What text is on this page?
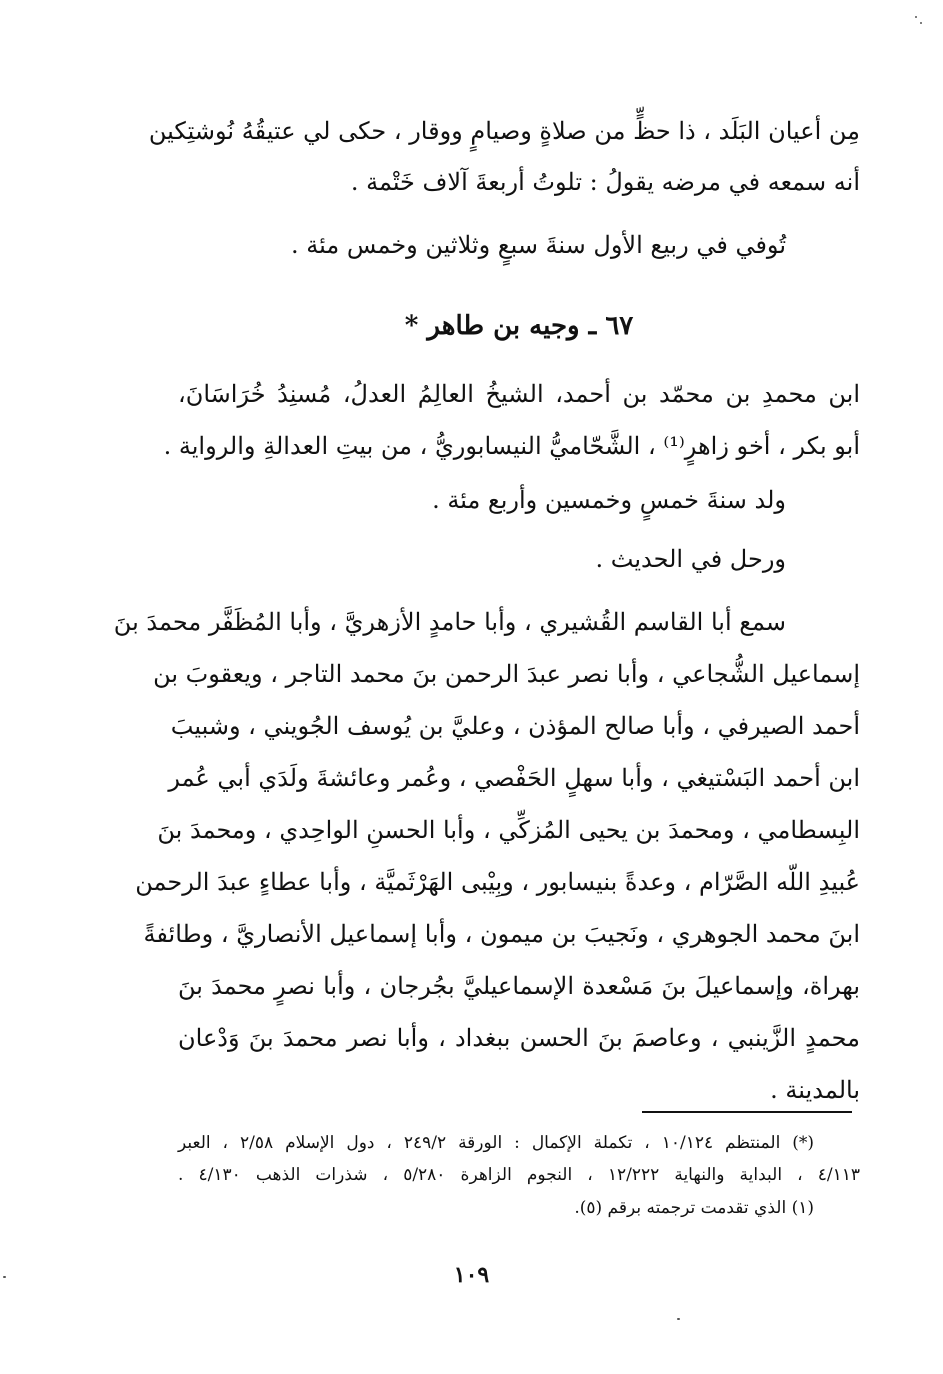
مِن أعيان البَلَد ، ذا حظٍّ من صلاةٍ وصيامٍ ووقار ، حكى لي عتيقُهُ نُوشتِكين
أنه سمعه في مرضه يقولُ : تلوتُ أربعةَ آلاف خَتْمة .
تُوفي في ربيع الأول سنةَ سبعٍ وثلاثين وخمس مئة .
٦٧ ـ وجيه بن طاهر *
ابن محمدِ بن محمّد بن أحمد، الشيخُ العالِمُ العدلُ، مُسنِدُ خُرَاسَانَ،
أبو بكر ، أخو زاهرٍ⁽¹⁾ ، الشَّحّاميُّ النيسابوريُّ ، من بيتِ العدالةِ والرواية .
ولد سنةَ خمسٍ وخمسين وأربع مئة .
ورحل في الحديث .
سمع أبا القاسم القُشيري ، وأبا حامدٍ الأزهريَّ ، وأبا المُظَفَّر محمدَ بنَ
إسماعيل الشُّجاعي ، وأبا نصر عبدَ الرحمن بنَ محمد التاجر ، ويعقوبَ بن
أحمد الصيرفي ، وأبا صالح المؤذن ، وعليَّ بن يُوسف الجُويني ، وشبيبَ
ابن أحمد البَسْتيغي ، وأبا سهلٍ الحَفْصي ، وعُمر وعائشةَ ولَدَي أبي عُمر
البِسطامي ، ومحمدَ بن يحيى المُزكِّي ، وأبا الحسنِ الواحِدي ، ومحمدَ بنَ
عُبيدِ اللّه الصَّرّام ، وعدةً بنيسابور ، وبِيْبى الهَرْثَميَّة ، وأبا عطاءٍ عبدَ الرحمن
ابنَ محمد الجوهري ، ونَجيبَ بن ميمون ، وأبا إسماعيل الأنصاريَّ ، وطائفةً
بهراة، وإسماعيلَ بنَ مَسْعدة الإسماعيليَّ بجُرجان ، وأبا نصرٍ محمدَ بنَ
محمدٍ الزَّينبي ، وعاصمَ بنَ الحسن ببغداد ، وأبا نصر محمدَ بنَ وَدْعان
بالمدينة .
(*) المنتظم ١٠/١٢٤ ، تكملة الإكمال : الورقة ٢٤٩/٢ ، دول الإسلام ٢/٥٨ ، العبر
٤/١١٣ ، البداية والنهاية ١٢/٢٢٢ ، النجوم الزاهرة ٥/٢٨٠ ، شذرات الذهب ٤/١٣٠ .
(١) الذي تقدمت ترجمته برقم (٥).
١٠٩
